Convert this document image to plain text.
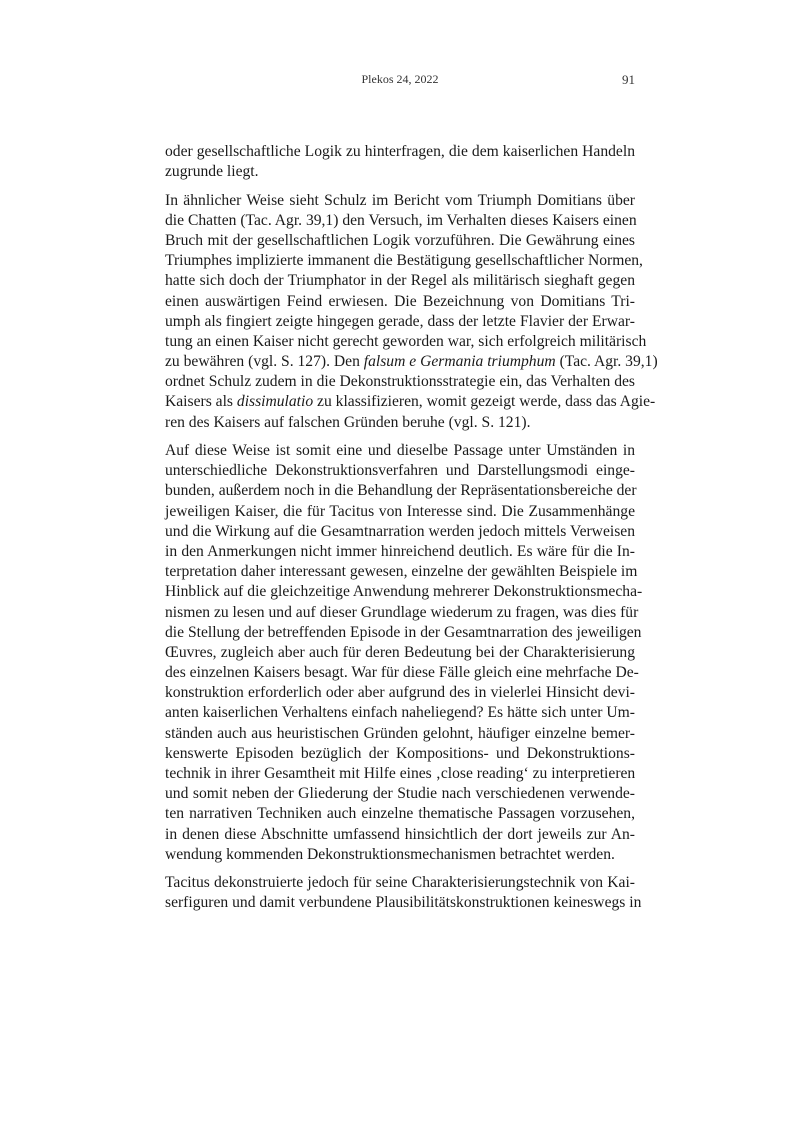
Plekos 24, 2022	91

oder gesellschaftliche Logik zu hinterfragen, die dem kaiserlichen Handeln
zugrunde liegt.

In ähnlicher Weise sieht Schulz im Bericht vom Triumph Domitians über
die Chatten (Tac. Agr. 39,1) den Versuch, im Verhalten dieses Kaisers einen
Bruch mit der gesellschaftlichen Logik vorzuführen. Die Gewährung eines
Triumphes implizierte immanent die Bestätigung gesellschaftlicher Normen,
hatte sich doch der Triumphator in der Regel als militärisch sieghaft gegen
einen auswärtigen Feind erwiesen. Die Bezeichnung von Domitians Tri-
umph als fingiert zeigte hingegen gerade, dass der letzte Flavier der Erwar-
tung an einen Kaiser nicht gerecht geworden war, sich erfolgreich militärisch
zu bewähren (vgl. S. 127). Den falsum e Germania triumphum (Tac. Agr. 39,1)
ordnet Schulz zudem in die Dekonstruktionsstrategie ein, das Verhalten des
Kaisers als dissimulatio zu klassifizieren, womit gezeigt werde, dass das Agie-
ren des Kaisers auf falschen Gründen beruhe (vgl. S. 121).

Auf diese Weise ist somit eine und dieselbe Passage unter Umständen in
unterschiedliche Dekonstruktionsverfahren und Darstellungsmodi einge-
bunden, außerdem noch in die Behandlung der Repräsentationsbereiche der
jeweiligen Kaiser, die für Tacitus von Interesse sind. Die Zusammenhänge
und die Wirkung auf die Gesamtnarration werden jedoch mittels Verweisen
in den Anmerkungen nicht immer hinreichend deutlich. Es wäre für die In-
terpretation daher interessant gewesen, einzelne der gewählten Beispiele im
Hinblick auf die gleichzeitige Anwendung mehrerer Dekonstruktionsmecha-
nismen zu lesen und auf dieser Grundlage wiederum zu fragen, was dies für
die Stellung der betreffenden Episode in der Gesamtnarration des jeweiligen
Œuvres, zugleich aber auch für deren Bedeutung bei der Charakterisierung
des einzelnen Kaisers besagt. War für diese Fälle gleich eine mehrfache De-
konstruktion erforderlich oder aber aufgrund des in vielerlei Hinsicht devi-
anten kaiserlichen Verhaltens einfach naheliegend? Es hätte sich unter Um-
ständen auch aus heuristischen Gründen gelohnt, häufiger einzelne bemer-
kenswerte Episoden bezüglich der Kompositions- und Dekonstruktions-
technik in ihrer Gesamtheit mit Hilfe eines ‚close reading‘ zu interpretieren
und somit neben der Gliederung der Studie nach verschiedenen verwende-
ten narrativen Techniken auch einzelne thematische Passagen vorzusehen,
in denen diese Abschnitte umfassend hinsichtlich der dort jeweils zur An-
wendung kommenden Dekonstruktionsmechanismen betrachtet werden.

Tacitus dekonstruierte jedoch für seine Charakterisierungstechnik von Kai-
serfiguren und damit verbundene Plausibilitätskonstruktionen keineswegs in
